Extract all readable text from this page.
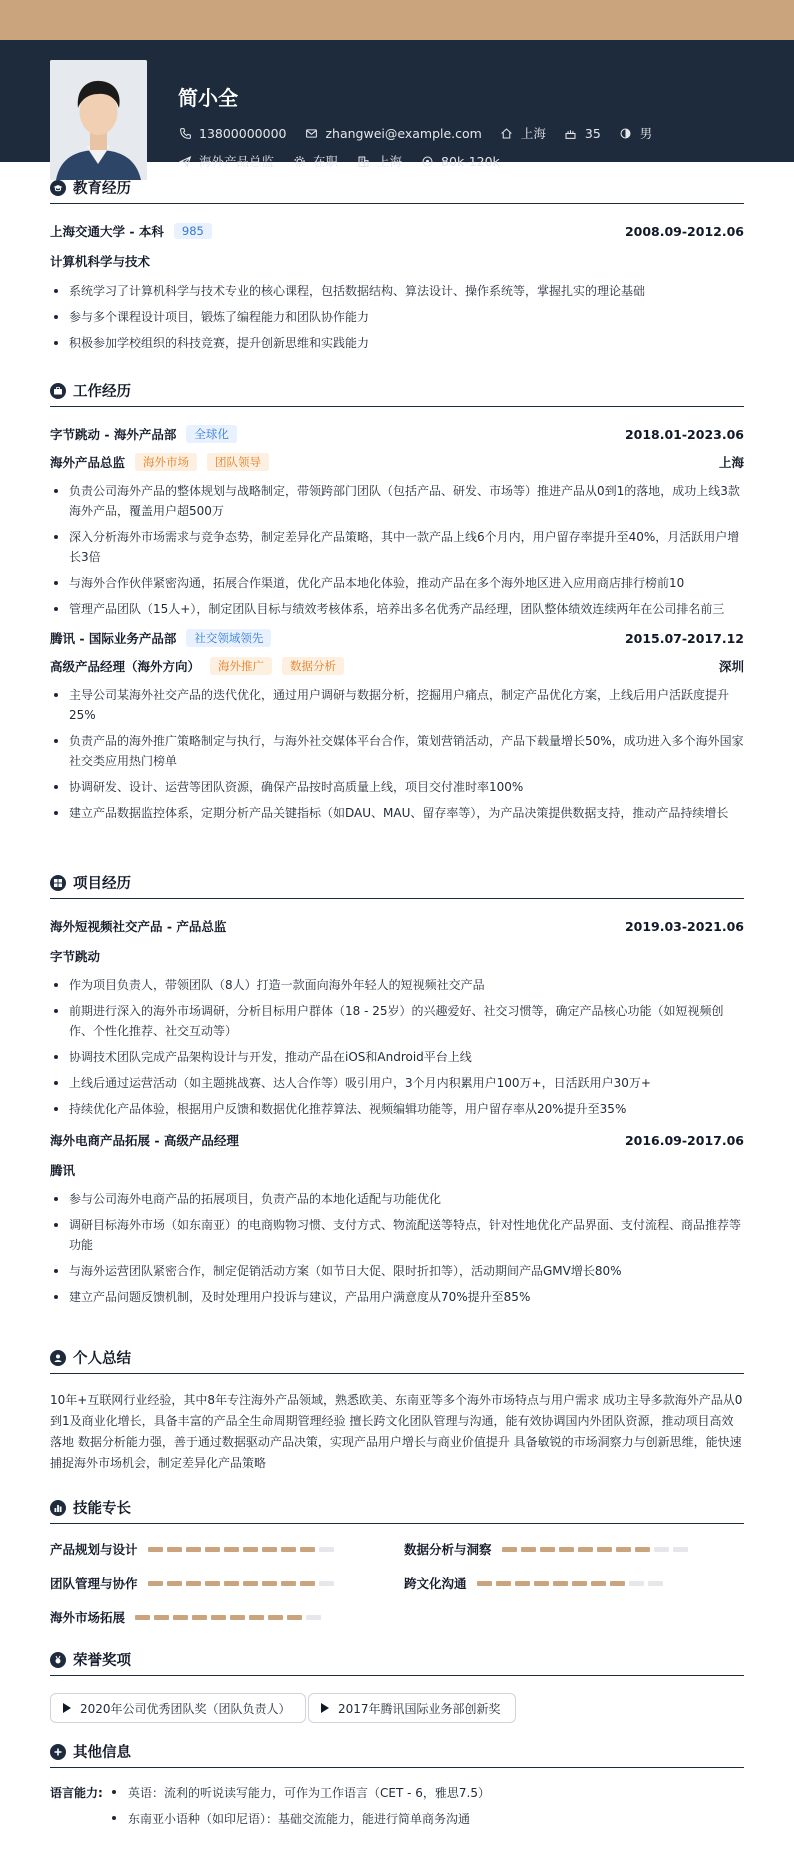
简小全
13800000000	zhangwei@example.com	上海	35	男
海外产品总监	在职	上海	80k-120k
教育经历
上海交通大学 - 本科	985	2008.09-2012.06
计算机科学与技术
系统学习了计算机科学与技术专业的核心课程，包括数据结构、算法设计、操作系统等，掌握扎实的理论基础
参与多个课程设计项目，锻炼了编程能力和团队协作能力
积极参加学校组织的科技竞赛，提升创新思维和实践能力
工作经历
字节跳动 - 海外产品部	全球化	2018.01-2023.06
海外产品总监	海外市场	团队领导	上海
负责公司海外产品的整体规划与战略制定，带领跨部门团队（包括产品、研发、市场等）推进产品从0到1的落地，成功上线3款海外产品，覆盖用户超500万
深入分析海外市场需求与竞争态势，制定差异化产品策略，其中一款产品上线6个月内，用户留存率提升至40%，月活跃用户增长3倍
与海外合作伙伴紧密沟通，拓展合作渠道，优化产品本地化体验，推动产品在多个海外地区进入应用商店排行榜前10
管理产品团队（15人+），制定团队目标与绩效考核体系，培养出多名优秀产品经理，团队整体绩效连续两年在公司排名前三
腾讯 - 国际业务产品部	社交领域领先	2015.07-2017.12
高级产品经理（海外方向）	海外推广	数据分析	深圳
主导公司某海外社交产品的迭代优化，通过用户调研与数据分析，挖掘用户痛点，制定产品优化方案，上线后用户活跃度提升25%
负责产品的海外推广策略制定与执行，与海外社交媒体平台合作，策划营销活动，产品下载量增长50%，成功进入多个海外国家社交类应用热门榜单
协调研发、设计、运营等团队资源，确保产品按时高质量上线，项目交付准时率100%
建立产品数据监控体系，定期分析产品关键指标（如DAU、MAU、留存率等），为产品决策提供数据支持，推动产品持续增长
项目经历
海外短视频社交产品 - 产品总监	2019.03-2021.06
字节跳动
作为项目负责人，带领团队（8人）打造一款面向海外年轻人的短视频社交产品
前期进行深入的海外市场调研，分析目标用户群体（18 - 25岁）的兴趣爱好、社交习惯等，确定产品核心功能（如短视频创作、个性化推荐、社交互动等）
协调技术团队完成产品架构设计与开发，推动产品在iOS和Android平台上线
上线后通过运营活动（如主题挑战赛、达人合作等）吸引用户，3个月内积累用户100万+，日活跃用户30万+
持续优化产品体验，根据用户反馈和数据优化推荐算法、视频编辑功能等，用户留存率从20%提升至35%
海外电商产品拓展 - 高级产品经理	2016.09-2017.06
腾讯
参与公司海外电商产品的拓展项目，负责产品的本地化适配与功能优化
调研目标海外市场（如东南亚）的电商购物习惯、支付方式、物流配送等特点，针对性地优化产品界面、支付流程、商品推荐等功能
与海外运营团队紧密合作，制定促销活动方案（如节日大促、限时折扣等），活动期间产品GMV增长80%
建立产品问题反馈机制，及时处理用户投诉与建议，产品用户满意度从70%提升至85%
个人总结
10年+互联网行业经验，其中8年专注海外产品领域，熟悉欧美、东南亚等多个海外市场特点与用户需求 成功主导多款海外产品从0到1及商业化增长，具备丰富的产品全生命周期管理经验 擅长跨文化团队管理与沟通，能有效协调国内外团队资源，推动项目高效落地 数据分析能力强，善于通过数据驱动产品决策，实现产品用户增长与商业价值提升 具备敏锐的市场洞察力与创新思维，能快速捕捉海外市场机会，制定差异化产品策略
技能专长
产品规划与设计	数据分析与洞察
团队管理与协作	跨文化沟通
海外市场拓展
荣誉奖项
2020年公司优秀团队奖（团队负责人）	2017年腾讯国际业务部创新奖
其他信息
语言能力:	英语：流利的听说读写能力，可作为工作语言（CET - 6，雅思7.5）
东南亚小语种（如印尼语）：基础交流能力，能进行简单商务沟通
